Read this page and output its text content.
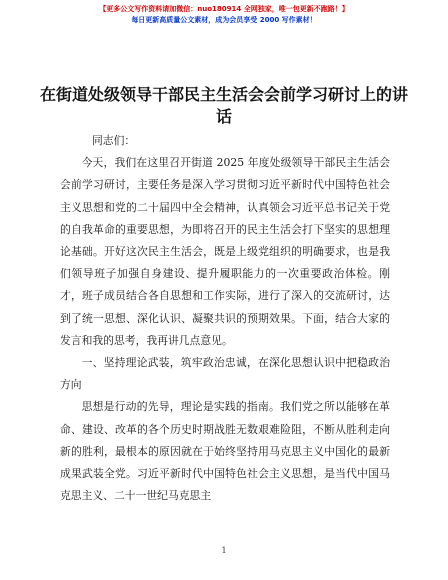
【更多公文写作资料请加微信：nuo180914 全网独家，唯一包更新不跑路！】
每日更新高质量公文素材，成为会员享受 2000 写作素材！
在街道处级领导干部民主生活会会前学习研讨上的讲话

同志们：

今天，我们在这里召开街道 2025 年度处级领导干部民主生活会会前学习研讨，主要任务是深入学习贯彻习近平新时代中国特色社会主义思想和党的二十届四中全会精神，认真领会习近平总书记关于党的自我革命的重要思想，为即将召开的民主生活会打下坚实的思想理论基础。开好这次民主生活会，既是上级党组织的明确要求，也是我们领导班子加强自身建设、提升履职能力的一次重要政治体检。刚才，班子成员结合各自思想和工作实际，进行了深入的交流研讨，达到了统一思想、深化认识、凝聚共识的预期效果。下面，结合大家的发言和我的思考，我再讲几点意见。

一、坚持理论武装，筑牢政治忠诚，在深化思想认识中把稳政治方向

思想是行动的先导，理论是实践的指南。我们党之所以能够在革命、建设、改革的各个历史时期战胜无数艰难险阻，不断从胜利走向新的胜利，最根本的原因就在于始终坚持用马克思主义中国化的最新成果武装全党。习近平新时代中国特色社会主义思想，是当代中国马克思主义、二十一世纪马克思主

1
